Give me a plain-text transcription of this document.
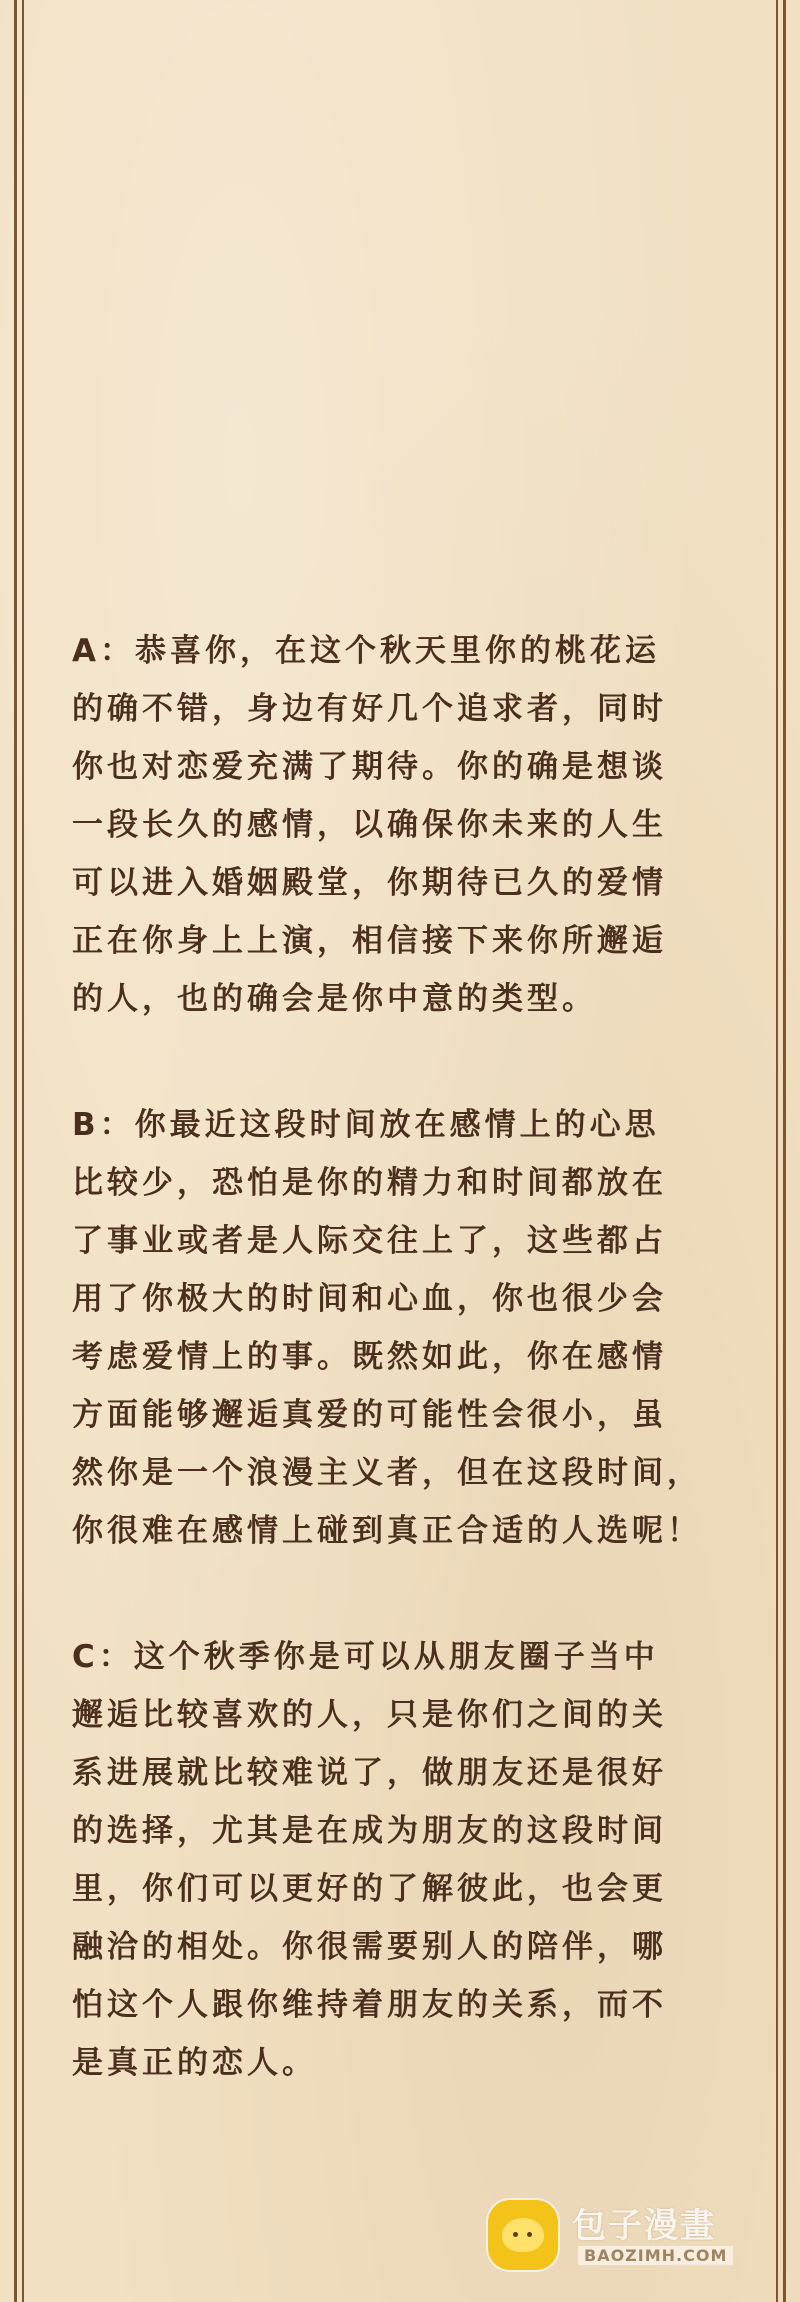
A：恭喜你，在这个秋天里你的桃花运
的确不错，身边有好几个追求者，同时
你也对恋爱充满了期待。你的确是想谈
一段长久的感情，以确保你未来的人生
可以进入婚姻殿堂，你期待已久的爱情
正在你身上上演，相信接下来你所邂逅
的人，也的确会是你中意的类型。
B：你最近这段时间放在感情上的心思
比较少，恐怕是你的精力和时间都放在
了事业或者是人际交往上了，这些都占
用了你极大的时间和心血，你也很少会
考虑爱情上的事。既然如此，你在感情
方面能够邂逅真爱的可能性会很小，虽
然你是一个浪漫主义者，但在这段时间，
你很难在感情上碰到真正合适的人选呢！
C：这个秋季你是可以从朋友圈子当中
邂逅比较喜欢的人，只是你们之间的关
系进展就比较难说了，做朋友还是很好
的选择，尤其是在成为朋友的这段时间
里，你们可以更好的了解彼此，也会更
融洽的相处。你很需要别人的陪伴，哪
怕这个人跟你维持着朋友的关系，而不
是真正的恋人。
包子漫畫
BAOZIMH.COM
